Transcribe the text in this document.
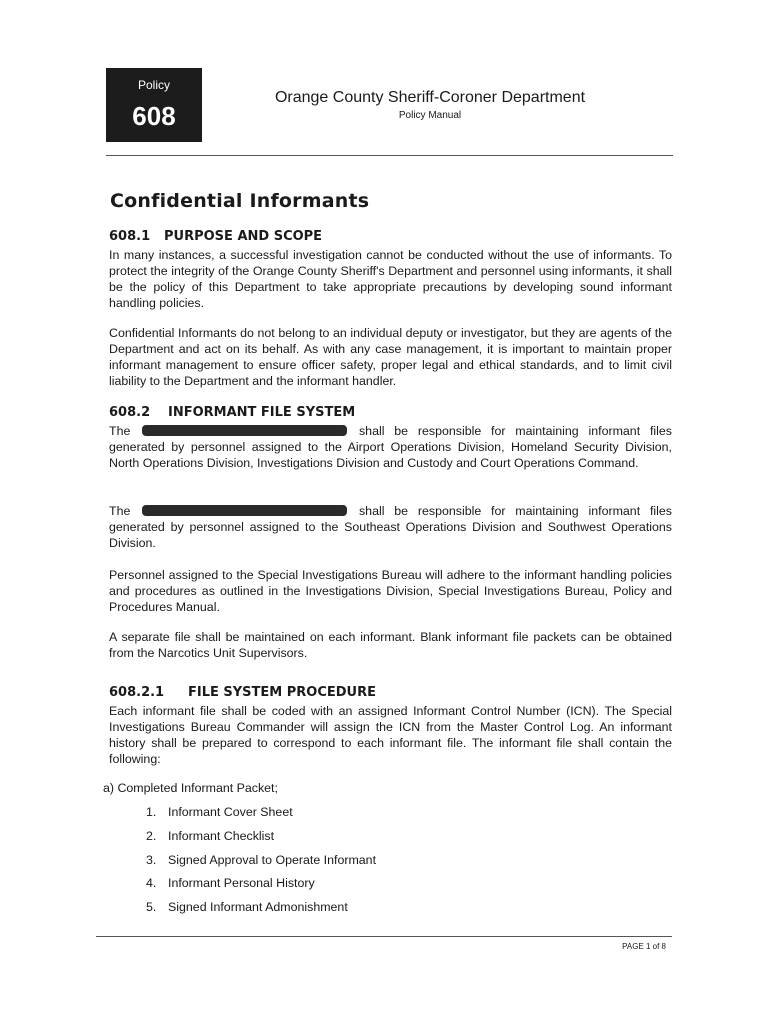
Policy
608
Orange County Sheriff-Coroner Department
Policy Manual
Confidential Informants
608.1 PURPOSE AND SCOPE
In many instances, a successful investigation cannot be conducted without the use of informants. To protect the integrity of the Orange County Sheriff's Department and personnel using informants, it shall be the policy of this Department to take appropriate precautions by developing sound informant handling policies.
Confidential Informants do not belong to an individual deputy or investigator, but they are agents of the Department and act on its behalf. As with any case management, it is important to maintain proper informant management to ensure officer safety, proper legal and ethical standards, and to limit civil liability to the Department and the informant handler.
608.2 INFORMANT FILE SYSTEM
The	shall be responsible for maintaining informant files generated by personnel assigned to the Airport Operations Division, Homeland Security Division, North Operations Division, Investigations Division and Custody and Court Operations Command.
The	shall be responsible for maintaining informant files generated by personnel assigned to the Southeast Operations Division and Southwest Operations Division.
Personnel assigned to the Special Investigations Bureau will adhere to the informant handling policies and procedures as outlined in the Investigations Division, Special Investigations Bureau, Policy and Procedures Manual.
A separate file shall be maintained on each informant. Blank informant file packets can be obtained from the Narcotics Unit Supervisors.
608.2.1 FILE SYSTEM PROCEDURE
Each informant file shall be coded with an assigned Informant Control Number (ICN). The Special Investigations Bureau Commander will assign the ICN from the Master Control Log. An informant history shall be prepared to correspond to each informant file. The informant file shall contain the following:
a) Completed Informant Packet;
1. Informant Cover Sheet
2. Informant Checklist
3. Signed Approval to Operate Informant
4. Informant Personal History
5. Signed Informant Admonishment
PAGE 1 of 8
